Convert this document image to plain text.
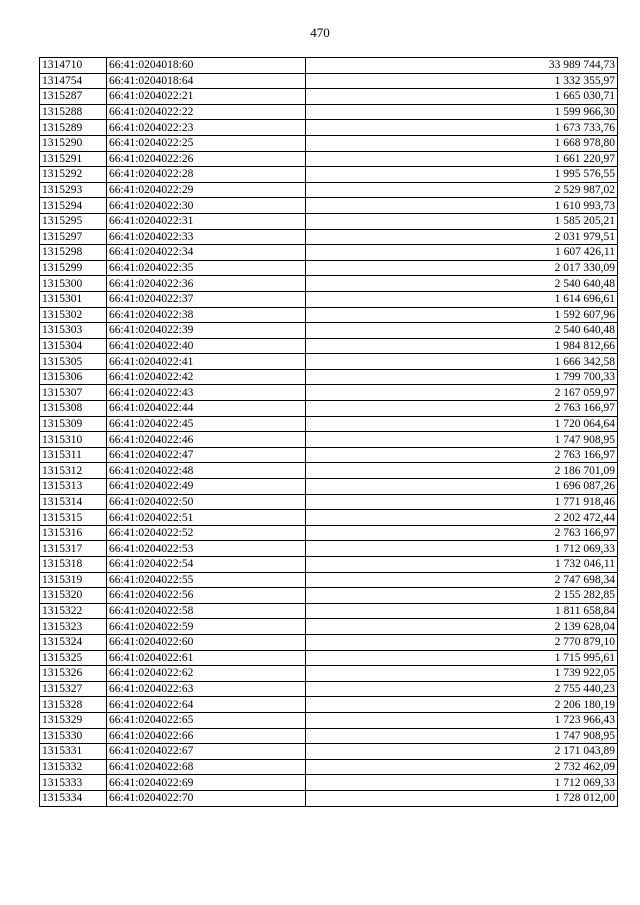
470
1314710	66:41:0204018:60	33 989 744,73
1314754	66:41:0204018:64	1 332 355,97
1315287	66:41:0204022:21	1 665 030,71
1315288	66:41:0204022:22	1 599 966,30
1315289	66:41:0204022:23	1 673 733,76
1315290	66:41:0204022:25	1 668 978,80
1315291	66:41:0204022:26	1 661 220,97
1315292	66:41:0204022:28	1 995 576,55
1315293	66:41:0204022:29	2 529 987,02
1315294	66:41:0204022:30	1 610 993,73
1315295	66:41:0204022:31	1 585 205,21
1315297	66:41:0204022:33	2 031 979,51
1315298	66:41:0204022:34	1 607 426,11
1315299	66:41:0204022:35	2 017 330,09
1315300	66:41:0204022:36	2 540 640,48
1315301	66:41:0204022:37	1 614 696,61
1315302	66:41:0204022:38	1 592 607,96
1315303	66:41:0204022:39	2 540 640,48
1315304	66:41:0204022:40	1 984 812,66
1315305	66:41:0204022:41	1 666 342,58
1315306	66:41:0204022:42	1 799 700,33
1315307	66:41:0204022:43	2 167 059,97
1315308	66:41:0204022:44	2 763 166,97
1315309	66:41:0204022:45	1 720 064,64
1315310	66:41:0204022:46	1 747 908,95
1315311	66:41:0204022:47	2 763 166,97
1315312	66:41:0204022:48	2 186 701,09
1315313	66:41:0204022:49	1 696 087,26
1315314	66:41:0204022:50	1 771 918,46
1315315	66:41:0204022:51	2 202 472,44
1315316	66:41:0204022:52	2 763 166,97
1315317	66:41:0204022:53	1 712 069,33
1315318	66:41:0204022:54	1 732 046,11
1315319	66:41:0204022:55	2 747 698,34
1315320	66:41:0204022:56	2 155 282,85
1315322	66:41:0204022:58	1 811 658,84
1315323	66:41:0204022:59	2 139 628,04
1315324	66:41:0204022:60	2 770 879,10
1315325	66:41:0204022:61	1 715 995,61
1315326	66:41:0204022:62	1 739 922,05
1315327	66:41:0204022:63	2 755 440,23
1315328	66:41:0204022:64	2 206 180,19
1315329	66:41:0204022:65	1 723 966,43
1315330	66:41:0204022:66	1 747 908,95
1315331	66:41:0204022:67	2 171 043,89
1315332	66:41:0204022:68	2 732 462,09
1315333	66:41:0204022:69	1 712 069,33
1315334	66:41:0204022:70	1 728 012,00
